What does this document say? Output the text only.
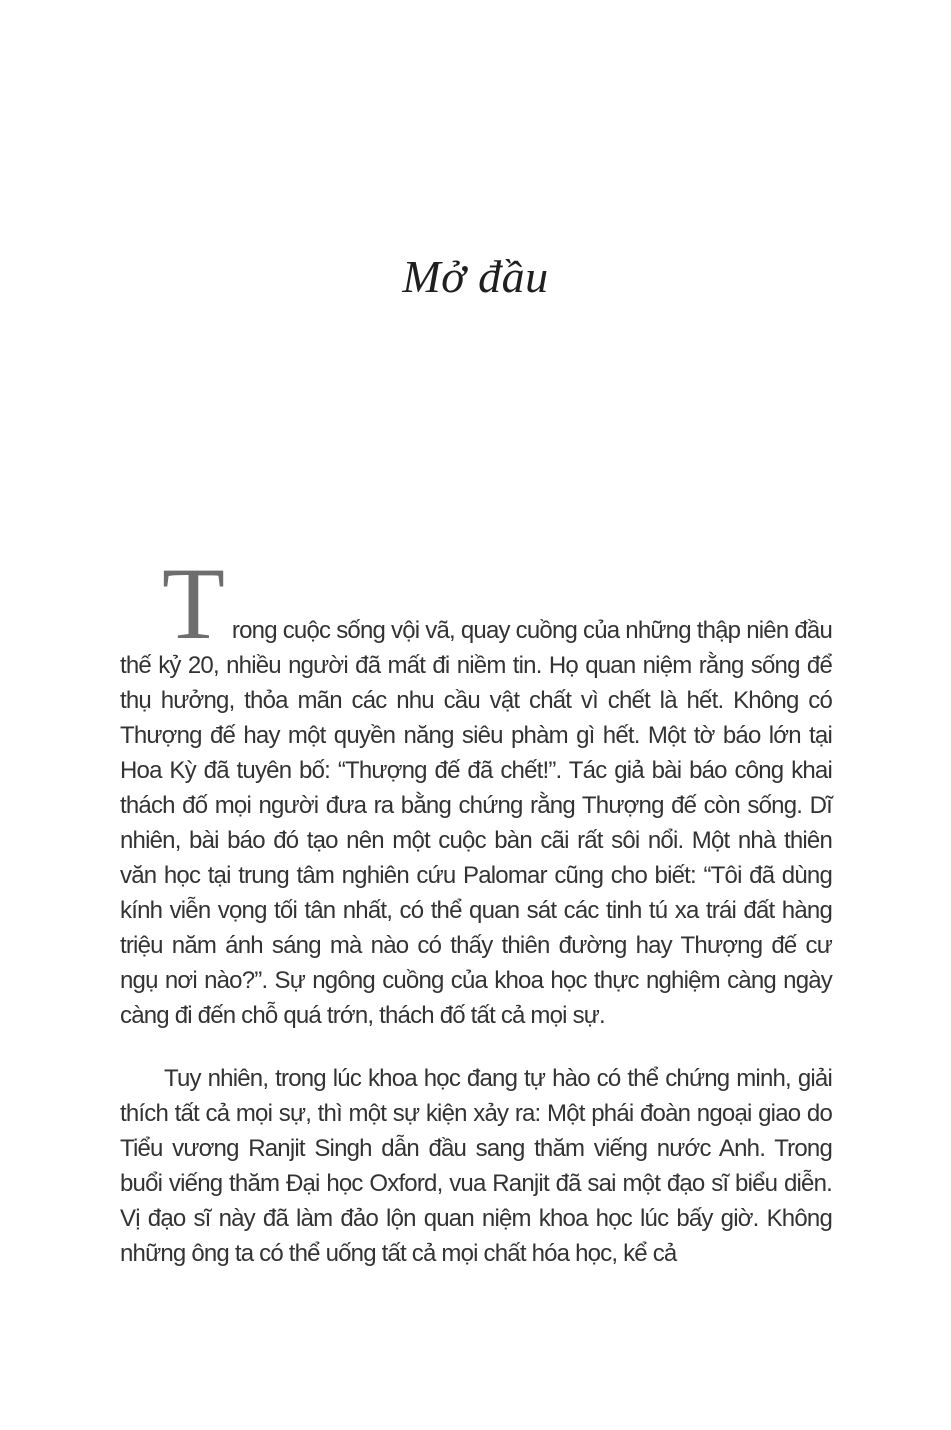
Mở đầu

Trong cuộc sống vội vã, quay cuồng của những thập niên đầu thế kỷ 20, nhiều người đã mất đi niềm tin. Họ quan niệm rằng sống để thụ hưởng, thỏa mãn các nhu cầu vật chất vì chết là hết. Không có Thượng đế hay một quyền năng siêu phàm gì hết. Một tờ báo lớn tại Hoa Kỳ đã tuyên bố: “Thượng đế đã chết!”. Tác giả bài báo công khai thách đố mọi người đưa ra bằng chứng rằng Thượng đế còn sống. Dĩ nhiên, bài báo đó tạo nên một cuộc bàn cãi rất sôi nổi. Một nhà thiên văn học tại trung tâm nghiên cứu Palomar cũng cho biết: “Tôi đã dùng kính viễn vọng tối tân nhất, có thể quan sát các tinh tú xa trái đất hàng triệu năm ánh sáng mà nào có thấy thiên đường hay Thượng đế cư ngụ nơi nào?”. Sự ngông cuồng của khoa học thực nghiệm càng ngày càng đi đến chỗ quá trớn, thách đố tất cả mọi sự.

Tuy nhiên, trong lúc khoa học đang tự hào có thể chứng minh, giải thích tất cả mọi sự, thì một sự kiện xảy ra: Một phái đoàn ngoại giao do Tiểu vương Ranjit Singh dẫn đầu sang thăm viếng nước Anh. Trong buổi viếng thăm Đại học Oxford, vua Ranjit đã sai một đạo sĩ biểu diễn. Vị đạo sĩ này đã làm đảo lộn quan niệm khoa học lúc bấy giờ. Không những ông ta có thể uống tất cả mọi chất hóa học, kể cả
